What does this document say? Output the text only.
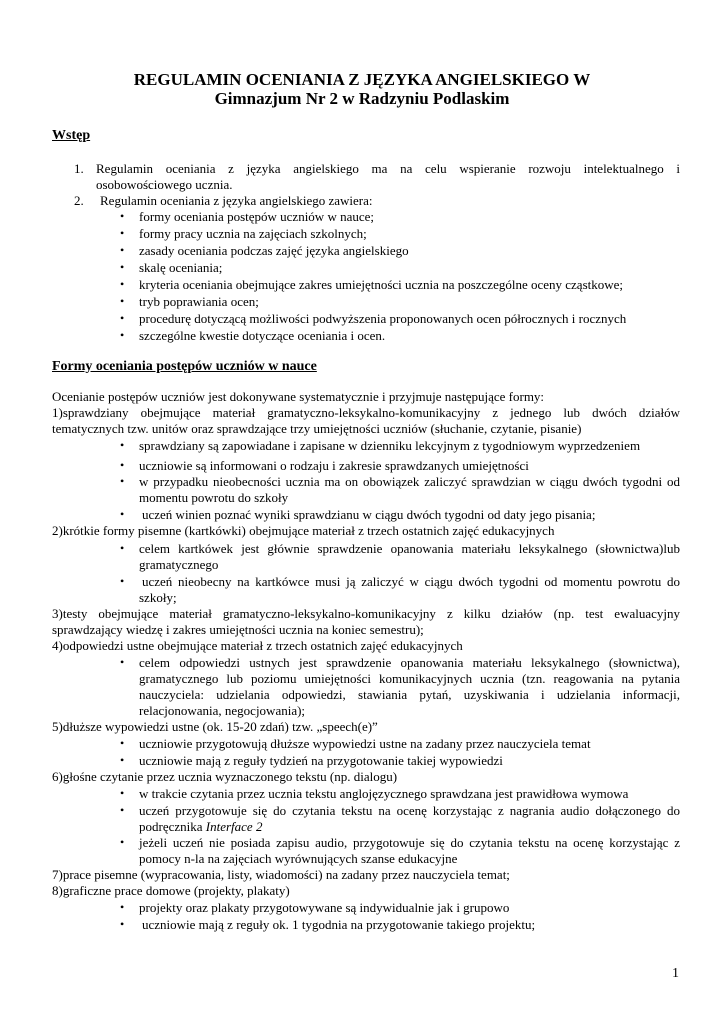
REGULAMIN OCENIANIA Z JĘZYKA ANGIELSKIEGO W
Gimnazjum Nr 2 w Radzyniu Podlaskim
Wstęp
1. Regulamin oceniania z języka angielskiego ma na celu wspieranie rozwoju intelektualnego i
osobowościowego ucznia.
2. Regulamin oceniania z języka angielskiego zawiera:
• formy oceniania postępów uczniów w nauce;
• formy pracy ucznia na zajęciach szkolnych;
• zasady oceniania podczas zajęć języka angielskiego
• skalę oceniania;
• kryteria oceniania obejmujące zakres umiejętności ucznia na poszczególne oceny cząstkowe;
• tryb poprawiania ocen;
• procedurę dotyczącą możliwości podwyższenia proponowanych ocen półrocznych i rocznych
• szczególne kwestie dotyczące oceniania i ocen.
Formy oceniania postępów uczniów w nauce
Ocenianie postępów uczniów jest dokonywane systematycznie i przyjmuje następujące formy:
1)sprawdziany obejmujące materiał gramatyczno-leksykalno-komunikacyjny z jednego lub dwóch działów
tematycznych tzw. unitów oraz sprawdzające trzy umiejętności uczniów (słuchanie, czytanie, pisanie)
• sprawdziany są zapowiadane i zapisane w dzienniku lekcyjnym z tygodniowym wyprzedzeniem
• uczniowie są informowani o rodzaju i zakresie sprawdzanych umiejętności
• w przypadku nieobecności ucznia ma on obowiązek zaliczyć sprawdzian w ciągu dwóch tygodni od
momentu powrotu do szkoły
• uczeń winien poznać wyniki sprawdzianu w ciągu dwóch tygodni od daty jego pisania;
2)krótkie formy pisemne (kartkówki) obejmujące materiał z trzech ostatnich zajęć edukacyjnych
• celem kartkówek jest głównie sprawdzenie opanowania materiału leksykalnego (słownictwa)lub
gramatycznego
• uczeń nieobecny na kartkówce musi ją zaliczyć w ciągu dwóch tygodni od momentu powrotu do
szkoły;
3)testy obejmujące materiał gramatyczno-leksykalno-komunikacyjny z kilku działów (np. test ewaluacyjny
sprawdzający wiedzę i zakres umiejętności ucznia na koniec semestru);
4)odpowiedzi ustne obejmujące materiał z trzech ostatnich zajęć edukacyjnych
• celem odpowiedzi ustnych jest sprawdzenie opanowania materiału leksykalnego (słownictwa),
gramatycznego lub poziomu umiejętności komunikacyjnych ucznia (tzn. reagowania na pytania
nauczyciela: udzielania odpowiedzi, stawiania pytań, uzyskiwania i udzielania informacji,
relacjonowania, negocjowania);
5)dłuższe wypowiedzi ustne (ok. 15-20 zdań) tzw. „speech(e)”
• uczniowie przygotowują dłuższe wypowiedzi ustne na zadany przez nauczyciela temat
• uczniowie mają z reguły tydzień na przygotowanie takiej wypowiedzi
6)głośne czytanie przez ucznia wyznaczonego tekstu (np. dialogu)
• w trakcie czytania przez ucznia tekstu anglojęzycznego sprawdzana jest prawidłowa wymowa
• uczeń przygotowuje się do czytania tekstu na ocenę korzystając z nagrania audio dołączonego do
podręcznika Interface 2
• jeżeli uczeń nie posiada zapisu audio, przygotowuje się do czytania tekstu na ocenę korzystając z
pomocy n-la na zajęciach wyrównujących szanse edukacyjne
7)prace pisemne (wypracowania, listy, wiadomości) na zadany przez nauczyciela temat;
8)graficzne prace domowe (projekty, plakaty)
• projekty oraz plakaty przygotowywane są indywidualnie jak i grupowo
• uczniowie mają z reguły ok. 1 tygodnia na przygotowanie takiego projektu;
1
